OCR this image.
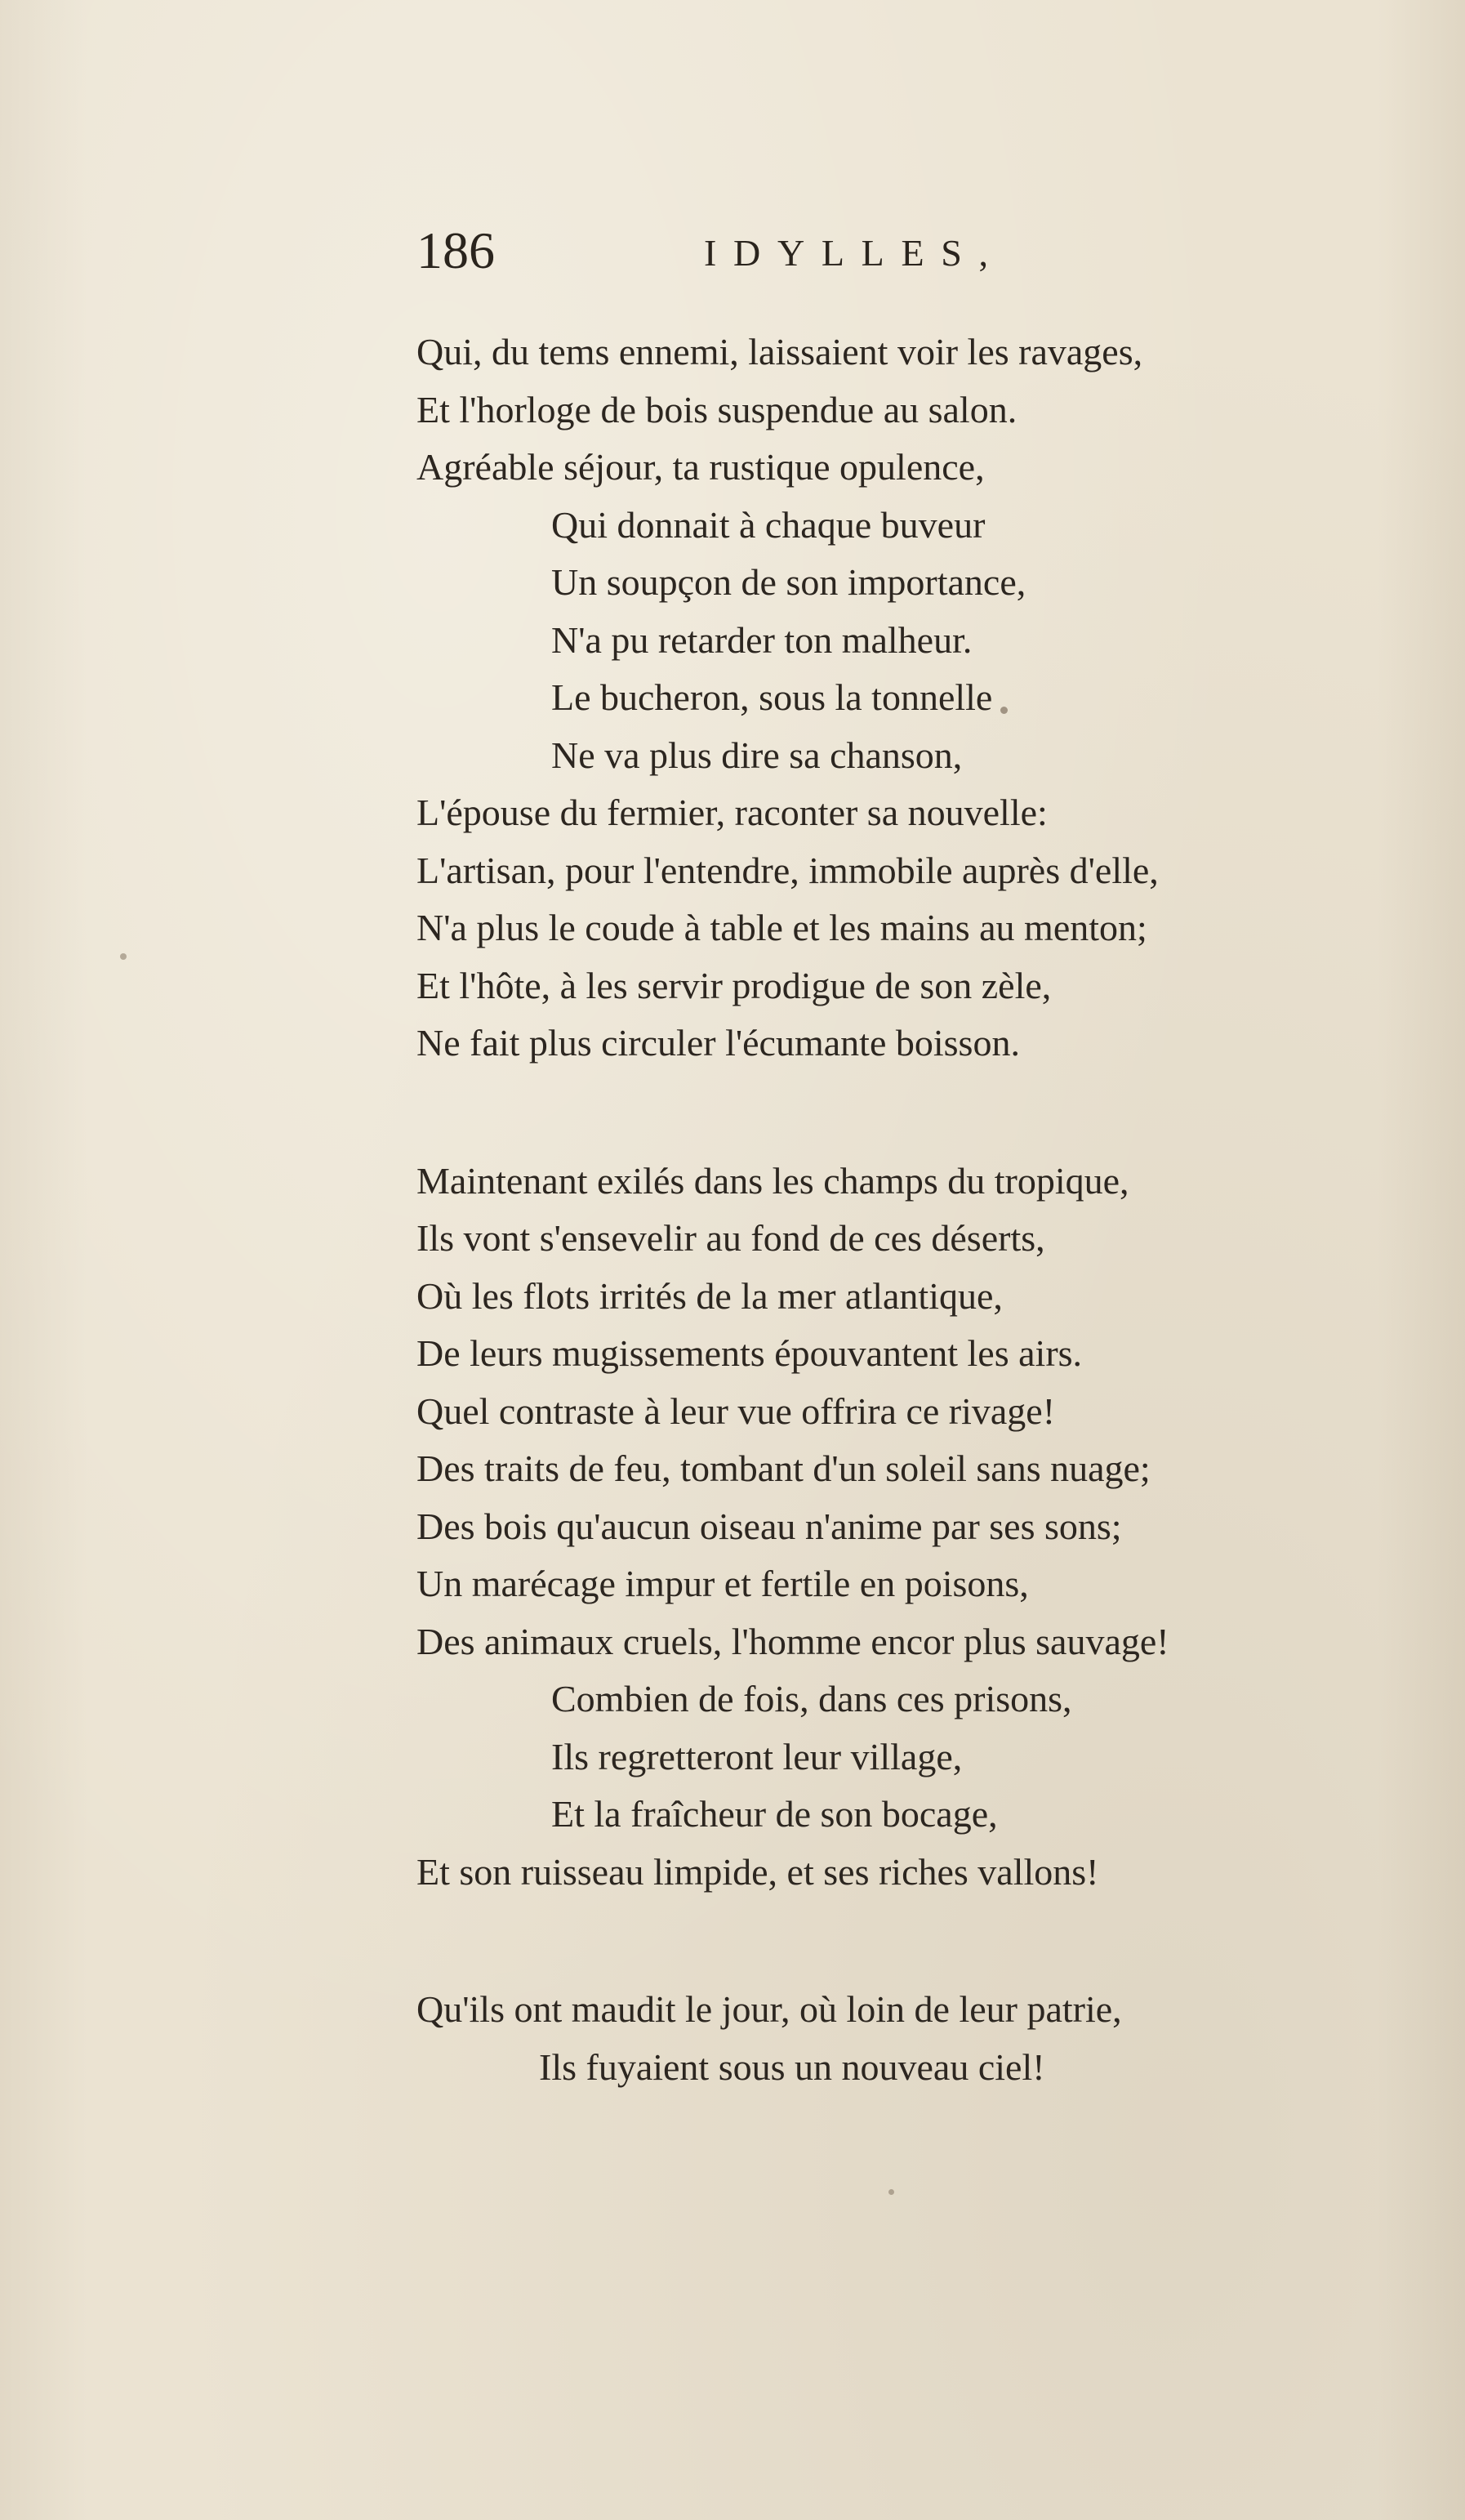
186	IDYLLES,
Qui, du tems ennemi, laissaient voir les ravages,
Et l'horloge de bois suspendue au salon.
Agréable séjour, ta rustique opulence,
Qui donnait à chaque buveur
Un soupçon de son importance,
N'a pu retarder ton malheur.
Le bucheron, sous la tonnelle
Ne va plus dire sa chanson,
L'épouse du fermier, raconter sa nouvelle:
L'artisan, pour l'entendre, immobile auprès d'elle,
N'a plus le coude à table et les mains au menton;
Et l'hôte, à les servir prodigue de son zèle,
Ne fait plus circuler l'écumante boisson.
Maintenant exilés dans les champs du tropique,
Ils vont s'ensevelir au fond de ces déserts,
Où les flots irrités de la mer atlantique,
De leurs mugissements épouvantent les airs.
Quel contraste à leur vue offrira ce rivage!
Des traits de feu, tombant d'un soleil sans nuage;
Des bois qu'aucun oiseau n'anime par ses sons;
Un marécage impur et fertile en poisons,
Des animaux cruels, l'homme encor plus sauvage!
Combien de fois, dans ces prisons,
Ils regretteront leur village,
Et la fraîcheur de son bocage,
Et son ruisseau limpide, et ses riches vallons!
Qu'ils ont maudit le jour, où loin de leur patrie,
Ils fuyaient sous un nouveau ciel!
